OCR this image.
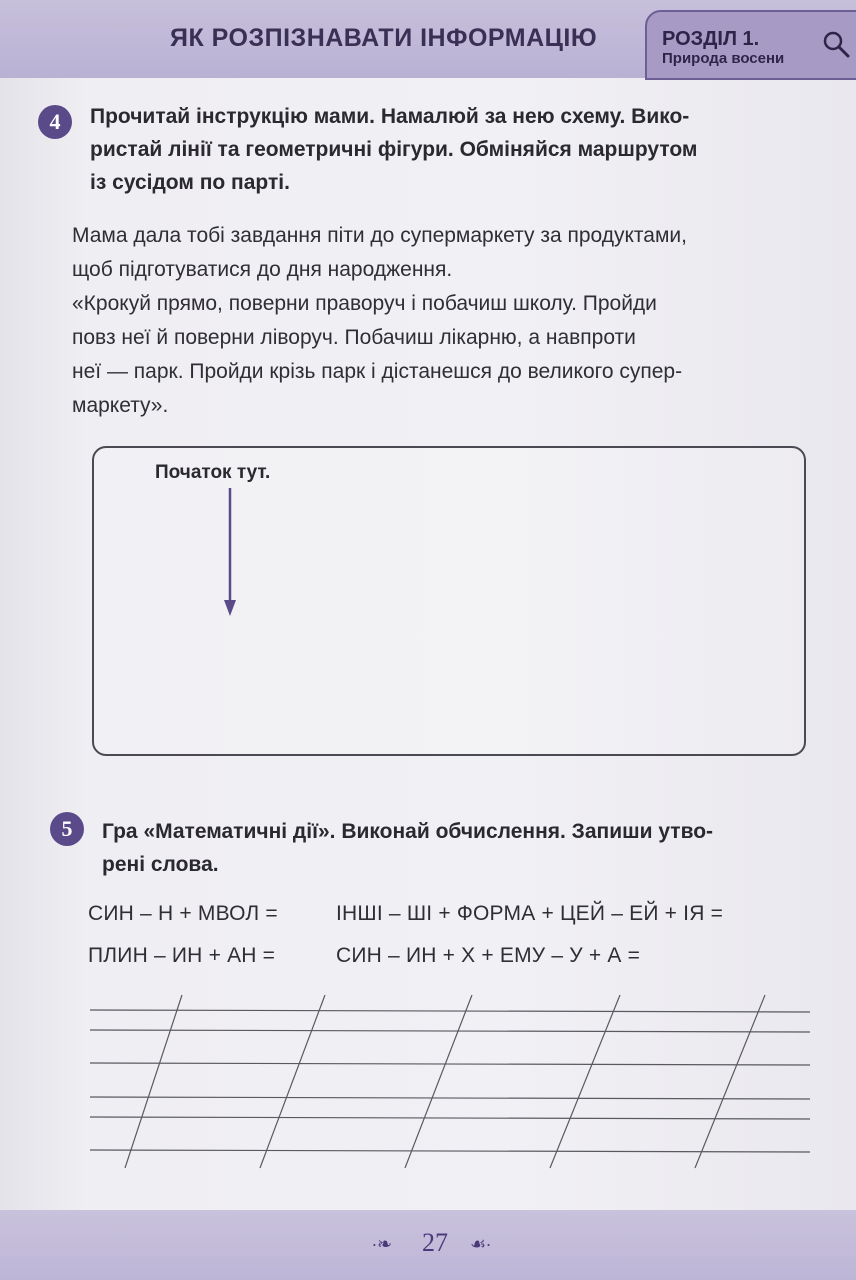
ЯК РОЗПІЗНАВАТИ ІНФОРМАЦІЮ	РОЗДІЛ 1.
Природа восени
4	Прочитай інструкцію мами. Намалюй за нею схему. Вико-
ристай лінії та геометричні фігури. Обміняйся маршрутом
із сусідом по парті.
Мама дала тобі завдання піти до супермаркету за продуктами,
щоб підготуватися до дня народження.
«Крокуй прямо, поверни праворуч і побачиш школу. Пройди
повз неї й поверни ліворуч. Побачиш лікарню, а навпроти
неї — парк. Пройди крізь парк і дістанешся до великого супер-
маркету».
Початок тут.
5	Гра «Математичні дії». Виконай обчислення. Запиши утво-
рені слова.
СИН – Н + МВОЛ =	ІНШІ – ШІ + ФОРМА + ЦЕЙ – ЕЙ + ІЯ =
ПЛИН – ИН + АН =	СИН – ИН + Х + ЕМУ – У + А =
∙❧	27	☙∙
